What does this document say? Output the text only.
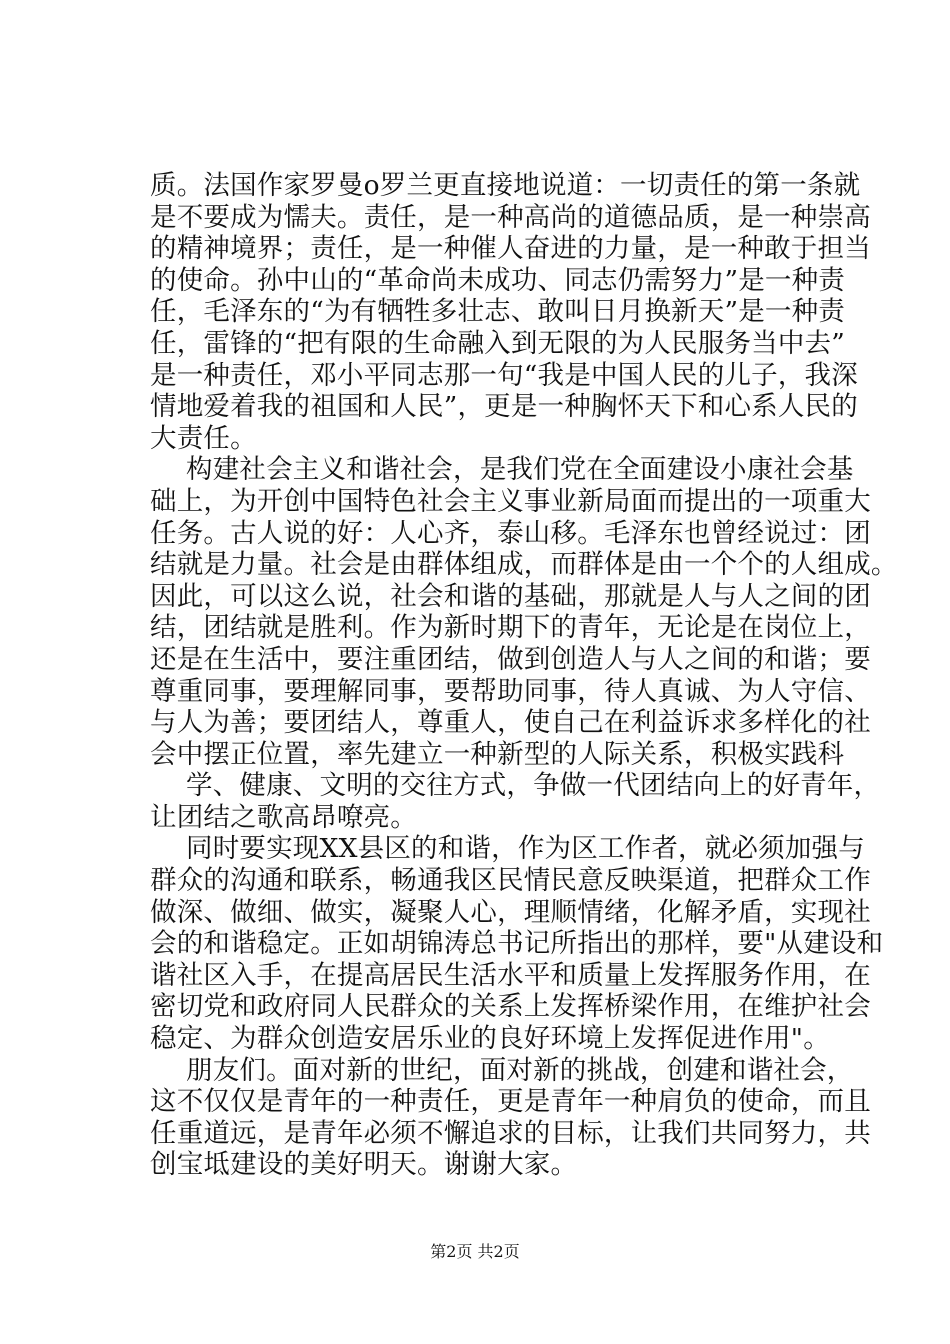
质。法国作家罗曼o罗兰更直接地说道：一切责任的第一条就
是不要成为懦夫。责任，是一种高尚的道德品质，是一种崇高
的精神境界；责任，是一种催人奋进的力量，是一种敢于担当
的使命。孙中山的“革命尚未成功、同志仍需努力”是一种责
任，毛泽东的“为有牺牲多壮志、敢叫日月换新天”是一种责
任，雷锋的“把有限的生命融入到无限的为人民服务当中去”
是一种责任，邓小平同志那一句“我是中国人民的儿子，我深
情地爱着我的祖国和人民”，更是一种胸怀天下和心系人民的
大责任。
构建社会主义和谐社会，是我们党在全面建设小康社会基
础上，为开创中国特色社会主义事业新局面而提出的一项重大
任务。古人说的好：人心齐，泰山移。毛泽东也曾经说过：团
结就是力量。社会是由群体组成，而群体是由一个个的人组成。
因此，可以这么说，社会和谐的基础，那就是人与人之间的团
结，团结就是胜利。作为新时期下的青年，无论是在岗位上，
还是在生活中，要注重团结，做到创造人与人之间的和谐；要
尊重同事，要理解同事，要帮助同事，待人真诚、为人守信、
与人为善；要团结人，尊重人，使自己在利益诉求多样化的社
会中摆正位置，率先建立一种新型的人际关系，积极实践科
学、健康、文明的交往方式，争做一代团结向上的好青年，
让团结之歌高昂嘹亮。
同时要实现XX县区的和谐，作为区工作者，就必须加强与
群众的沟通和联系，畅通我区民情民意反映渠道，把群众工作
做深、做细、做实，凝聚人心，理顺情绪，化解矛盾，实现社
会的和谐稳定。正如胡锦涛总书记所指出的那样，要"从建设和
谐社区入手，在提高居民生活水平和质量上发挥服务作用，在
密切党和政府同人民群众的关系上发挥桥梁作用，在维护社会
稳定、为群众创造安居乐业的良好环境上发挥促进作用"。
朋友们。面对新的世纪，面对新的挑战，创建和谐社会，
这不仅仅是青年的一种责任，更是青年一种肩负的使命，而且
任重道远，是青年必须不懈追求的目标，让我们共同努力，共
创宝坻建设的美好明天。谢谢大家。
第2页 共2页
